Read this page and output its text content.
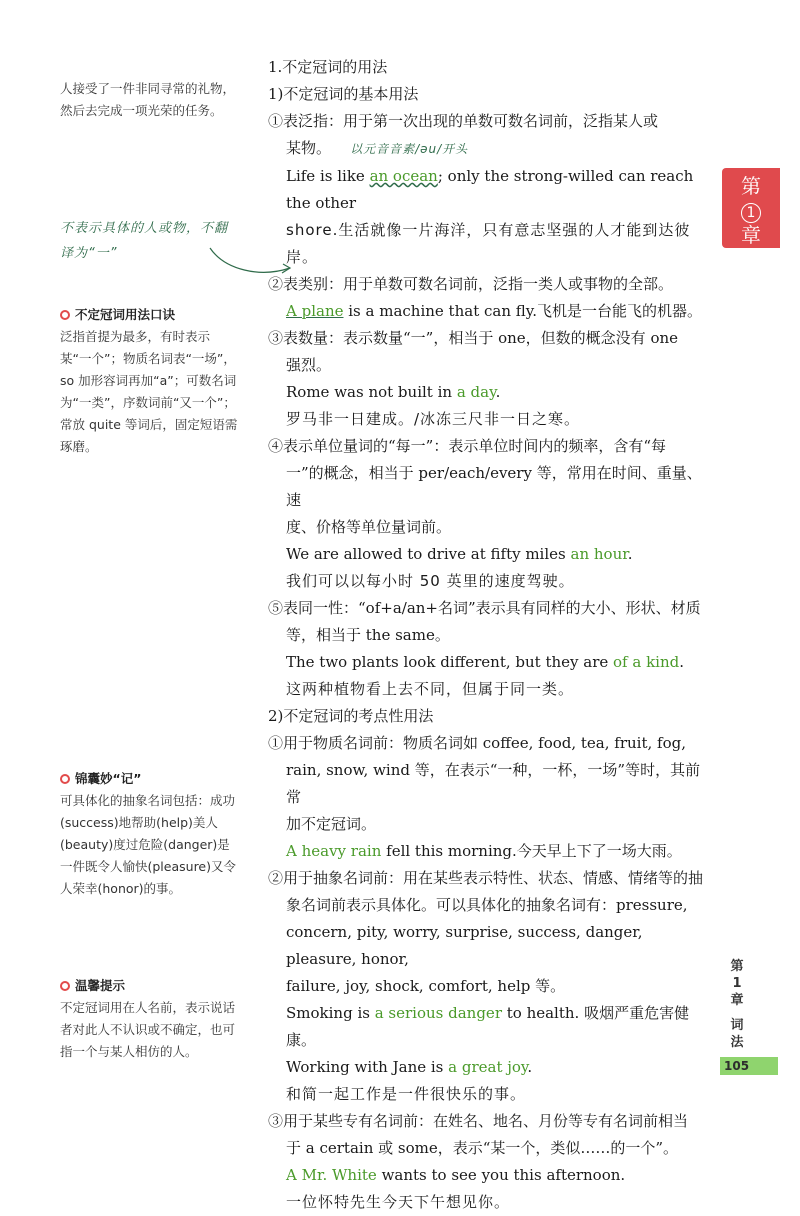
人接受了一件非同寻常的礼物，然后去完成一项光荣的任务。
不表示具体的人或物，不翻译为“一”
不定冠词用法口诀
泛指首提为最多，有时表示某“一个”；物质名词表“一场”，so 加形容词再加“a”；可数名词为“一类”，序数词前“又一个”；常放 quite 等词后，固定短语需琢磨。
锦囊妙“记”
可具体化的抽象名词包括：成功(success)地帮助(help)美人(beauty)度过危险(danger)是一件既令人愉快(pleasure)又令人荣幸(honor)的事。
温馨提示
不定冠词用在人名前，表示说话者对此人不认识或不确定，也可指一个与某人相仿的人。
1.不定冠词的用法
1)不定冠词的基本用法
①表泛指：用于第一次出现的单数可数名词前，泛指某人或
某物。 以元音音素/əu/开头
Life is like an ocean; only the strong-willed can reach the other
shore.生活就像一片海洋，只有意志坚强的人才能到达彼岸。
②表类别：用于单数可数名词前，泛指一类人或事物的全部。
A plane is a machine that can fly.飞机是一台能飞的机器。
③表数量：表示数量“一”，相当于 one，但数的概念没有 one
强烈。
Rome was not built in a day.
罗马非一日建成。/冰冻三尺非一日之寒。
④表示单位量词的“每一”：表示单位时间内的频率，含有“每
一”的概念，相当于 per/each/every 等，常用在时间、重量、速
度、价格等单位量词前。
We are allowed to drive at fifty miles an hour.
我们可以以每小时 50 英里的速度驾驶。
⑤表同一性：“of+a/an+名词”表示具有同样的大小、形状、材质
等，相当于 the same。
The two plants look different, but they are of a kind.
这两种植物看上去不同，但属于同一类。
2)不定冠词的考点性用法
①用于物质名词前：物质名词如 coffee, food, tea, fruit, fog,
rain, snow, wind 等，在表示“一种，一杯，一场”等时，其前常
加不定冠词。
A heavy rain fell this morning.今天早上下了一场大雨。
②用于抽象名词前：用在某些表示特性、状态、情感、情绪等的抽
象名词前表示具体化。可以具体化的抽象名词有：pressure,
concern, pity, worry, surprise, success, danger, pleasure, honor,
failure, joy, shock, comfort, help 等。
Smoking is a serious danger to health. 吸烟严重危害健康。
Working with Jane is a great joy.
和简一起工作是一件很快乐的事。
③用于某些专有名词前：在姓名、地名、月份等专有名词前相当
于 a certain 或 some，表示“某一个，类似……的一个”。
A Mr. White wants to see you this afternoon.
一位怀特先生今天下午想见你。
第
1
章
第
1
章
词
法
105
